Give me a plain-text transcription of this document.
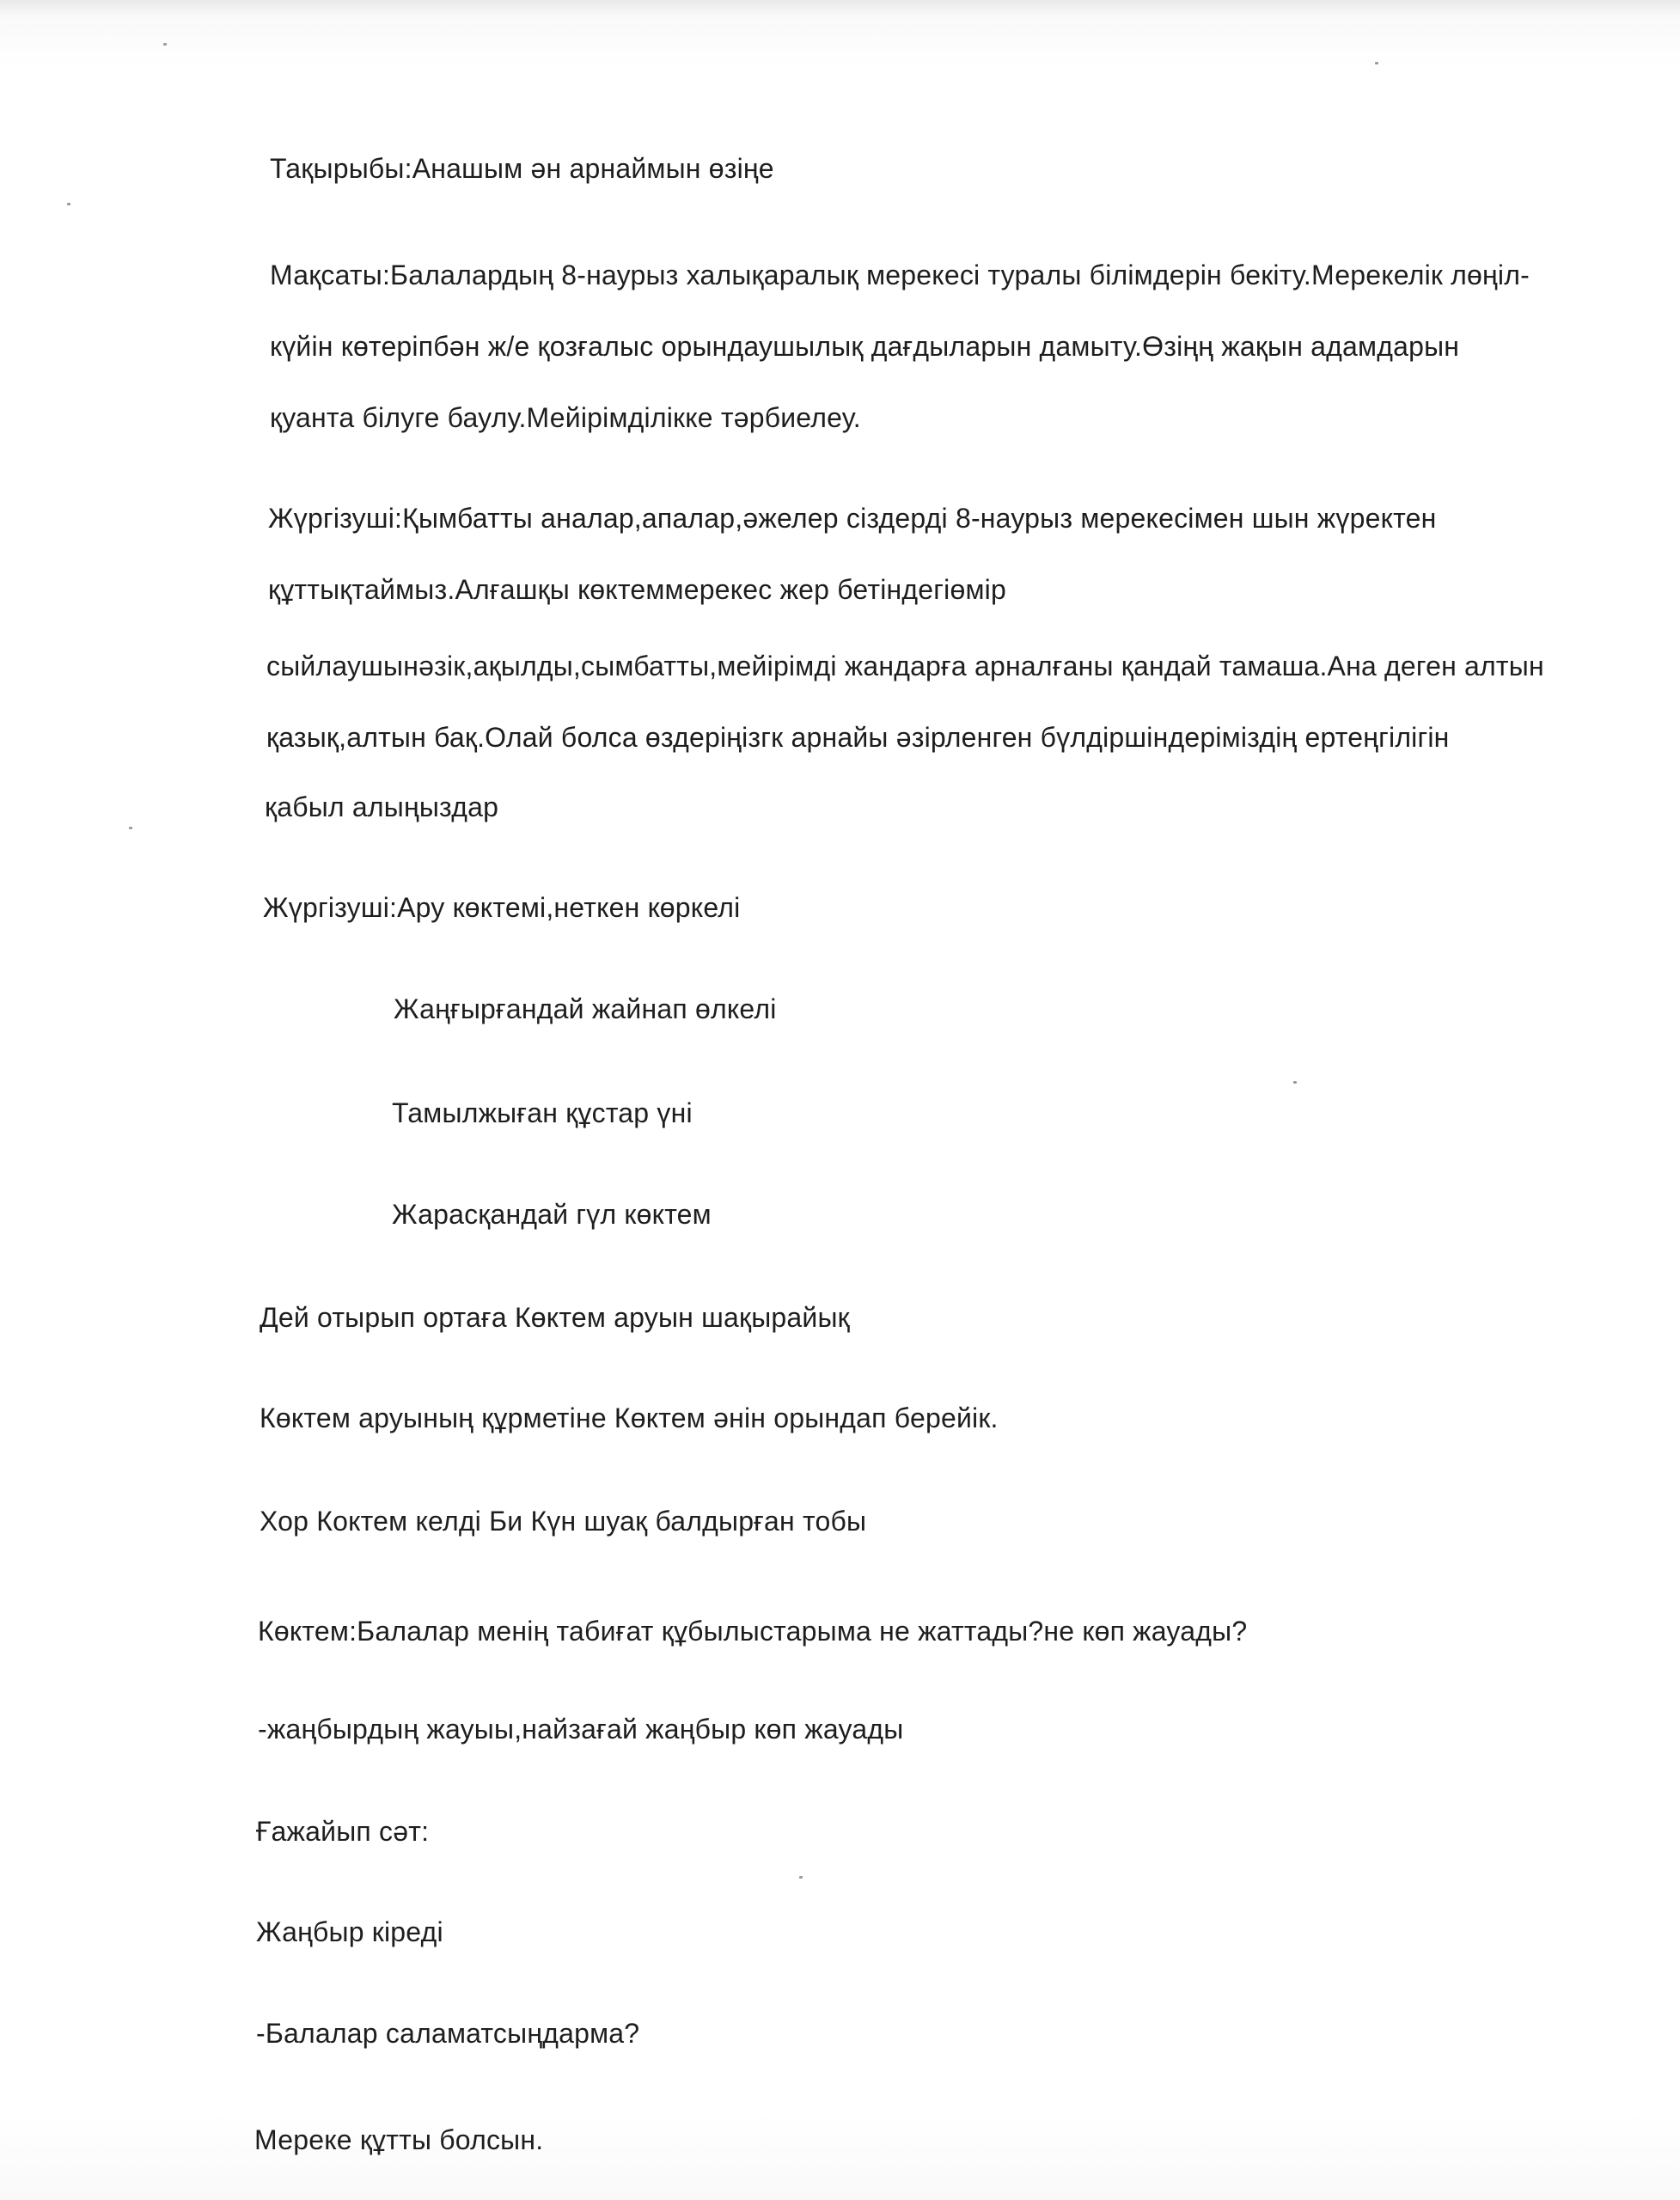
Тақырыбы:Анашым ән арнаймын өзіңе
Мақсаты:Балалардың 8-наурыз халықаралық мерекесі туралы білімдерін бекіту.Мерекелік лөңіл-
күйін көтеріпбән ж/е қозғалыс орындаушылық дағдыларын дамыту.Өзіңң жақын адамдарын
қуанта білуге баулу.Мейірімділікке тәрбиелеу.
Жүргізуші:Қымбатты аналар,апалар,әжелер сіздерді 8-наурыз мерекесімен шын жүректен
құттықтаймыз.Алғашқы көктеммерекес жер бетіндегіөмір
сыйлаушынәзік,ақылды,сымбатты,мейірімді жандарға арналғаны қандай тамаша.Ана деген алтын
қазық,алтын бақ.Олай болса өздеріңізгк арнайы әзірленген бүлдіршіндеріміздің ертеңгілігін
қабыл алыңыздар
Жүргізуші:Ару көктемі,неткен көркелі
Жаңғырғандай жайнап өлкелі
Тамылжыған құстар үні
Жарасқандай гүл көктем
Дей отырып ортаға Көктем аруын шақырайық
Көктем аруының құрметіне Көктем әнін орындап берейік.
Хор Коктем келді Би Күн шуақ балдырған тобы
Көктем:Балалар менің табиғат құбылыстарыма не жаттады?не көп жауады?
-жаңбырдың жауыы,найзағай жаңбыр көп жауады
Ғажайып сәт:
Жаңбыр кіреді
-Балалар саламатсыңдарма?
Мереке құтты болсын.
